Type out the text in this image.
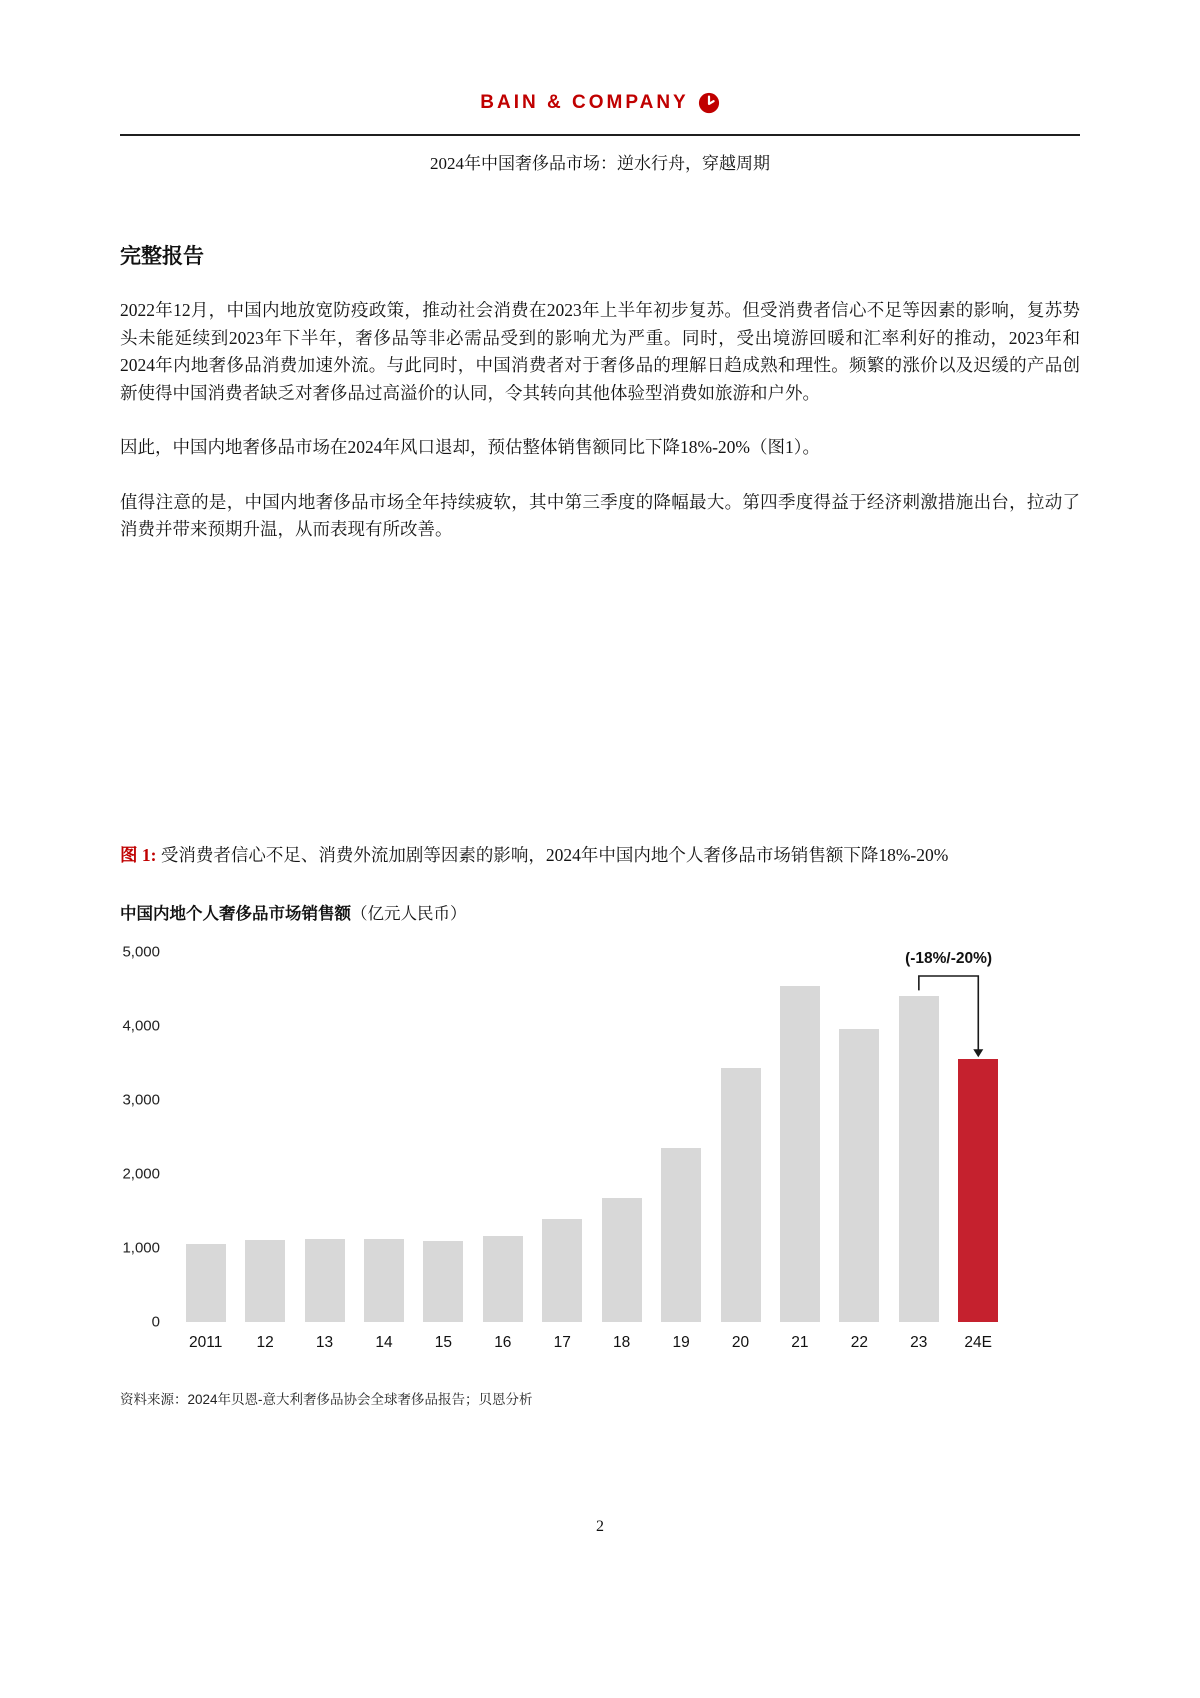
BAIN & COMPANY
2024年中国奢侈品市场：逆水行舟，穿越周期
完整报告

2022年12月，中国内地放宽防疫政策，推动社会消费在2023年上半年初步复苏。但受消费者信心不足等因素的影响，复苏势头未能延续到2023年下半年，奢侈品等非必需品受到的影响尤为严重。同时，受出境游回暖和汇率利好的推动，2023年和2024年内地奢侈品消费加速外流。与此同时，中国消费者对于奢侈品的理解日趋成熟和理性。频繁的涨价以及迟缓的产品创新使得中国消费者缺乏对奢侈品过高溢价的认同，令其转向其他体验型消费如旅游和户外。

因此，中国内地奢侈品市场在2024年风口退却，预估整体销售额同比下降18%-20%（图1）。

值得注意的是，中国内地奢侈品市场全年持续疲软，其中第三季度的降幅最大。第四季度得益于经济刺激措施出台，拉动了消费并带来预期升温，从而表现有所改善。

图 1: 受消费者信心不足、消费外流加剧等因素的影响，2024年中国内地个人奢侈品市场销售额下降18%-20%
中国内地个人奢侈品市场销售额（亿元人民币）
0
1,000
2,000
3,000
4,000
5,000	(-18%/-20%)
2011	12	13	14	15	16	17	18	19	20	21	22	23	24E
资料来源：2024年贝恩-意大利奢侈品协会全球奢侈品报告；贝恩分析
2
